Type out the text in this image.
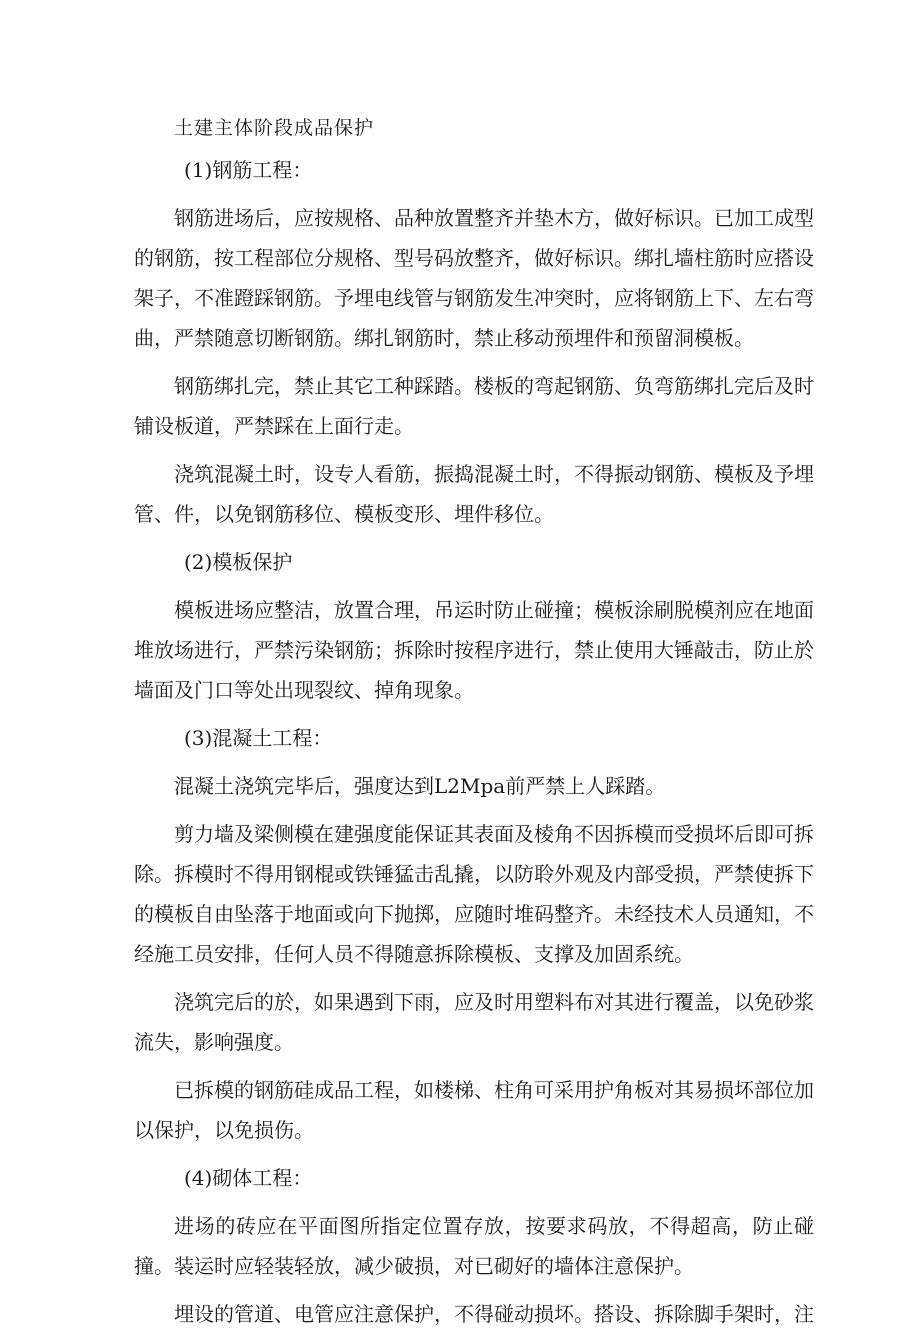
土建主体阶段成品保护

(1)钢筋工程：

钢筋进场后，应按规格、品种放置整齐并垫木方，做好标识。已加工成型的钢筋，按工程部位分规格、型号码放整齐，做好标识。绑扎墙柱筋时应搭设架子，不准蹬踩钢筋。予埋电线管与钢筋发生冲突时，应将钢筋上下、左右弯曲，严禁随意切断钢筋。绑扎钢筋时，禁止移动预埋件和预留洞模板。

钢筋绑扎完，禁止其它工种踩踏。楼板的弯起钢筋、负弯筋绑扎完后及时铺设板道，严禁踩在上面行走。

浇筑混凝土时，设专人看筋，振捣混凝土时，不得振动钢筋、模板及予埋管、件，以免钢筋移位、模板变形、埋件移位。

(2)模板保护

模板进场应整洁，放置合理，吊运时防止碰撞；模板涂刷脱模剂应在地面堆放场进行，严禁污染钢筋；拆除时按程序进行，禁止使用大锤敲击，防止於墙面及门口等处出现裂纹、掉角现象。

(3)混凝土工程：

混凝土浇筑完毕后，强度达到L2Mpa前严禁上人踩踏。

剪力墙及梁侧模在建强度能保证其表面及棱角不因拆模而受损坏后即可拆除。拆模时不得用钢棍或铁锤猛击乱撬，以防聆外观及内部受损，严禁使拆下的模板自由坠落于地面或向下抛掷，应随时堆码整齐。未经技术人员通知，不经施工员安排，任何人员不得随意拆除模板、支撑及加固系统。

浇筑完后的於，如果遇到下雨，应及时用塑料布对其进行覆盖，以免砂浆流失，影响强度。

已拆模的钢筋硅成品工程，如楼梯、柱角可采用护角板对其易损坏部位加以保护，以免损伤。

(4)砌体工程：

进场的砖应在平面图所指定位置存放，按要求码放，不得超高，防止碰撞。装运时应轻装轻放，减少破损，对已砌好的墙体注意保护。

埋设的管道、电管应注意保护，不得碰动损坏。搭设、拆除脚手架时，注
